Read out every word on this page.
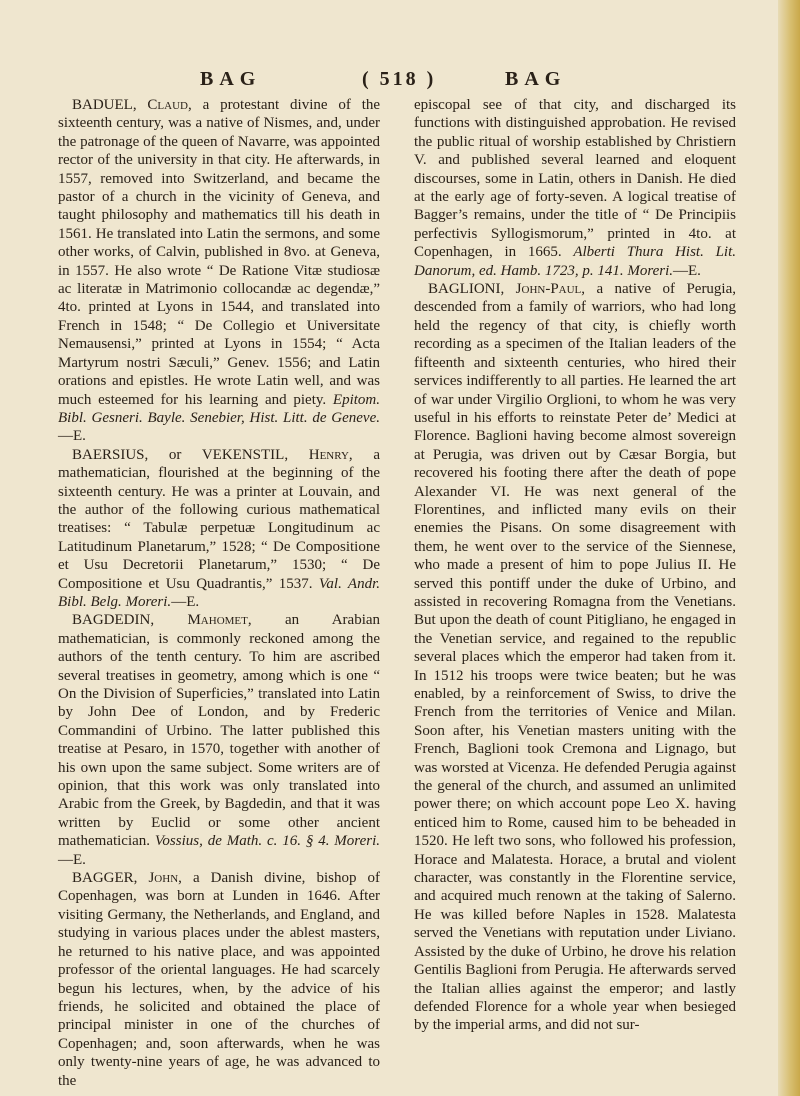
BAG	( 518 )	BAG

BADUEL, Claud, a protestant divine of the sixteenth century, was a native of Nismes, and, under the patronage of the queen of Navarre, was appointed rector of the university in that city. He afterwards, in 1557, removed into Switzerland, and became the pastor of a church in the vicinity of Geneva, and taught philosophy and mathematics till his death in 1561. He translated into Latin the sermons, and some other works, of Calvin, published in 8vo. at Geneva, in 1557. He also wrote “ De Ratione Vitæ studiosæ ac literatæ in Matrimonio collocandæ ac degendæ,” 4to. printed at Lyons in 1544, and translated into French in 1548; “ De Collegio et Universitate Nemausensi,” printed at Lyons in 1554; “ Acta Martyrum nostri Sæculi,” Genev. 1556; and Latin orations and epistles. He wrote Latin well, and was much esteemed for his learning and piety. Epitom. Bibl. Gesneri. Bayle. Senebier, Hist. Litt. de Geneve.—E.

BAERSIUS, or VEKENSTIL, Henry, a mathematician, flourished at the beginning of the sixteenth century. He was a printer at Louvain, and the author of the following curious mathematical treatises: “ Tabulæ perpetuæ Longitudinum ac Latitudinum Planetarum,” 1528; “ De Compositione et Usu Decretorii Planetarum,” 1530; “ De Compositione et Usu Quadrantis,” 1537. Val. Andr. Bibl. Belg. Moreri.—E.

BAGDEDIN, Mahomet, an Arabian mathematician, is commonly reckoned among the authors of the tenth century. To him are ascribed several treatises in geometry, among which is one “ On the Division of Superficies,” translated into Latin by John Dee of London, and by Frederic Commandini of Urbino. The latter published this treatise at Pesaro, in 1570, together with another of his own upon the same subject. Some writers are of opinion, that this work was only translated into Arabic from the Greek, by Bagdedin, and that it was written by Euclid or some other ancient mathematician. Vossius, de Math. c. 16. § 4. Moreri.—E.

BAGGER, John, a Danish divine, bishop of Copenhagen, was born at Lunden in 1646. After visiting Germany, the Netherlands, and England, and studying in various places under the ablest masters, he returned to his native place, and was appointed professor of the oriental languages. He had scarcely begun his lectures, when, by the advice of his friends, he solicited and obtained the place of principal minister in one of the churches of Copenhagen; and, soon afterwards, when he was only twenty-nine years of age, he was advanced to the

episcopal see of that city, and discharged its functions with distinguished approbation. He revised the public ritual of worship established by Christiern V. and published several learned and eloquent discourses, some in Latin, others in Danish. He died at the early age of forty-seven. A logical treatise of Bagger’s remains, under the title of “ De Principiis perfectivis Syllogismorum,” printed in 4to. at Copenhagen, in 1665. Alberti Thura Hist. Lit. Danorum, ed. Hamb. 1723, p. 141. Moreri.—E.

BAGLIONI, John-Paul, a native of Perugia, descended from a family of warriors, who had long held the regency of that city, is chiefly worth recording as a specimen of the Italian leaders of the fifteenth and sixteenth centuries, who hired their services indifferently to all parties. He learned the art of war under Virgilio Orglioni, to whom he was very useful in his efforts to reinstate Peter de’ Medici at Florence. Baglioni having become almost sovereign at Perugia, was driven out by Cæsar Borgia, but recovered his footing there after the death of pope Alexander VI. He was next general of the Florentines, and inflicted many evils on their enemies the Pisans. On some disagreement with them, he went over to the service of the Siennese, who made a present of him to pope Julius II. He served this pontiff under the duke of Urbino, and assisted in recovering Romagna from the Venetians. But upon the death of count Pitigliano, he engaged in the Venetian service, and regained to the republic several places which the emperor had taken from it. In 1512 his troops were twice beaten; but he was enabled, by a reinforcement of Swiss, to drive the French from the territories of Venice and Milan. Soon after, his Venetian masters uniting with the French, Baglioni took Cremona and Lignago, but was worsted at Vicenza. He defended Perugia against the general of the church, and assumed an unlimited power there; on which account pope Leo X. having enticed him to Rome, caused him to be beheaded in 1520. He left two sons, who followed his profession, Horace and Malatesta. Horace, a brutal and violent character, was constantly in the Florentine service, and acquired much renown at the taking of Salerno. He was killed before Naples in 1528. Malatesta served the Venetians with reputation under Liviano. Assisted by the duke of Urbino, he drove his relation Gentilis Baglioni from Perugia. He afterwards served the Italian allies against the emperor; and lastly defended Florence for a whole year when besieged by the imperial arms, and did not sur-
